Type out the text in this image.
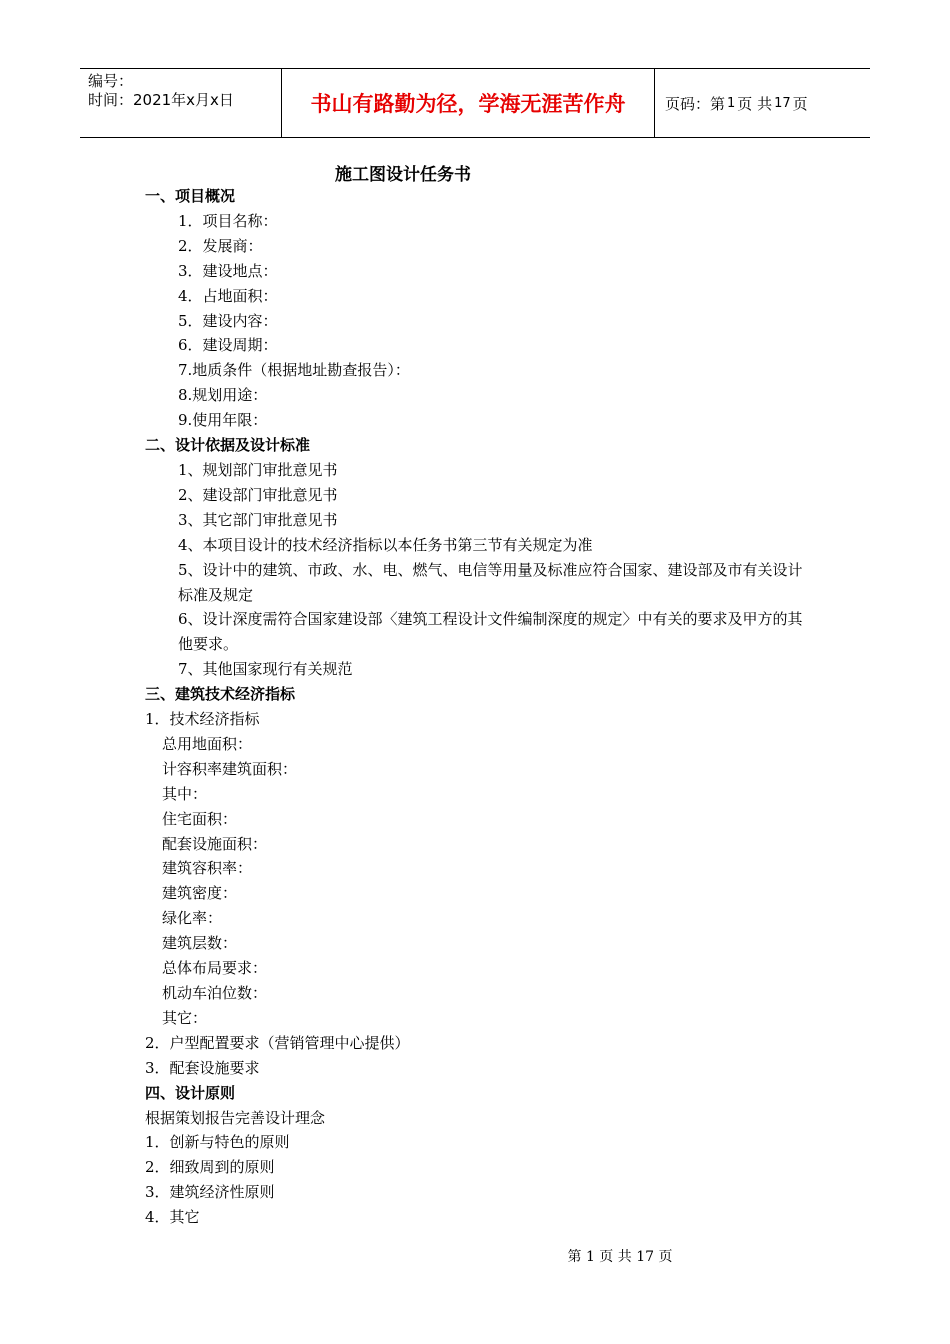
编号：
时间：2021年x月x日	书山有路勤为径，学海无涯苦作舟	页码：第 1 页 共 17 页
施工图设计任务书
一、项目概况
1．项目名称：
2．发展商：
3．建设地点：
4．占地面积：
5．建设内容：
6．建设周期：
7.地质条件（根据地址勘查报告）：
8.规划用途：
9.使用年限：
二、设计依据及设计标准
1、规划部门审批意见书
2、建设部门审批意见书
3、其它部门审批意见书
4、本项目设计的技术经济指标以本任务书第三节有关规定为准
5、设计中的建筑、市政、水、电、燃气、电信等用量及标准应符合国家、建设部及市有关设计标准及规定
6、设计深度需符合国家建设部〈建筑工程设计文件编制深度的规定〉中有关的要求及甲方的其他要求。
7、其他国家现行有关规范
三、建筑技术经济指标
1．技术经济指标
总用地面积：
计容积率建筑面积：
其中：
住宅面积：
配套设施面积：
建筑容积率：
建筑密度：
绿化率：
建筑层数：
总体布局要求：
机动车泊位数：
其它：
2．户型配置要求（营销管理中心提供）
3．配套设施要求
四、设计原则
根据策划报告完善设计理念
1．创新与特色的原则
2．细致周到的原则
3．建筑经济性原则
4．其它
第 1 页 共 17 页
